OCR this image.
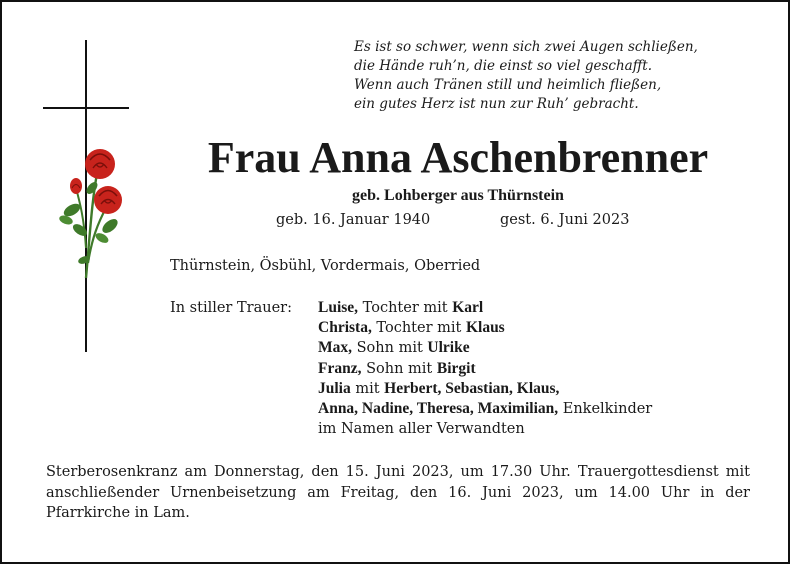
Es ist so schwer, wenn sich zwei Augen schließen,
die Hände ruh’n, die einst so viel geschafft.
Wenn auch Tränen still und heimlich fließen,
ein gutes Herz ist nun zur Ruh’ gebracht.
Frau Anna Aschenbrenner
geb. Lohberger aus Thürnstein
geb. 16. Januar 1940	gest. 6. Juni 2023
Thürnstein, Ösbühl, Vordermais, Oberried
In stiller Trauer: Luise, Tochter mit Karl
Christa, Tochter mit Klaus
Max, Sohn mit Ulrike
Franz, Sohn mit Birgit
Julia mit Herbert, Sebastian, Klaus,
Anna, Nadine, Theresa, Maximilian, Enkelkinder
im Namen aller Verwandten
Sterberosenkranz am Donnerstag, den 15. Juni 2023, um 17.30 Uhr. Trauergottesdienst mit anschließender Urnenbeisetzung am Freitag, den 16. Juni 2023, um 14.00 Uhr in der Pfarrkirche in Lam.
